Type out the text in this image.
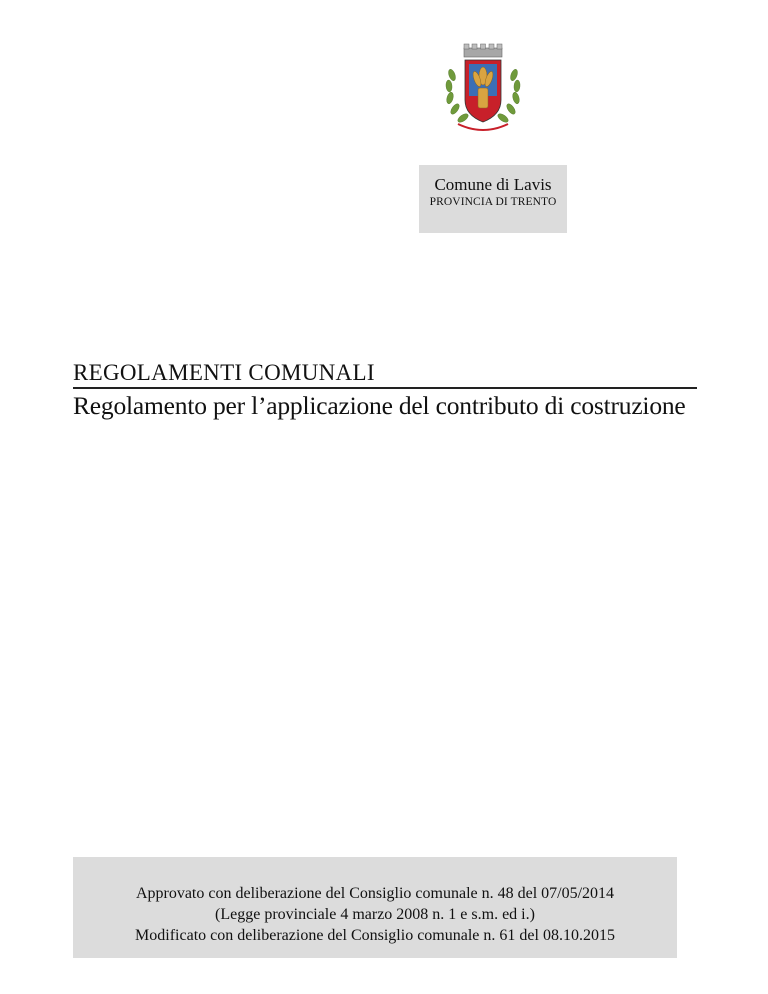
Comune di Lavis
PROVINCIA DI TRENTO
REGOLAMENTI COMUNALI
Regolamento per l’applicazione del contributo di costruzione
Approvato con deliberazione del Consiglio comunale n. 48 del 07/05/2014
(Legge provinciale 4 marzo 2008 n. 1 e s.m. ed i.)
Modificato con deliberazione del Consiglio comunale n. 61 del 08.10.2015
